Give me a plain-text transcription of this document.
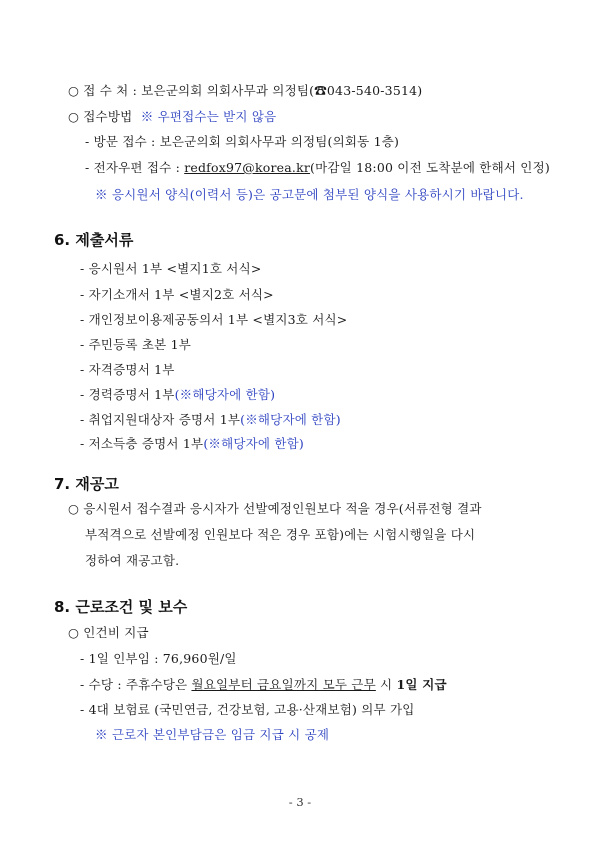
○ 접 수 처 : 보은군의회 의회사무과 의정팀(☎043-540-3514)
○ 접수방법  ※ 우편접수는 받지 않음
- 방문 접수 : 보은군의회 의회사무과 의정팀(의회동 1층)
- 전자우편 접수 : redfox97@korea.kr(마감일 18:00 이전 도착분에 한해서 인정)
※ 응시원서 양식(이력서 등)은 공고문에 첨부된 양식을 사용하시기 바랍니다.
6. 제출서류
- 응시원서 1부 <별지1호 서식>
- 자기소개서 1부 <별지2호 서식>
- 개인정보이용제공동의서 1부 <별지3호 서식>
- 주민등록 초본 1부
- 자격증명서 1부
- 경력증명서 1부(※해당자에 한함)
- 취업지원대상자 증명서 1부(※해당자에 한함)
- 저소득층 증명서 1부(※해당자에 한함)
7. 재공고
○ 응시원서 접수결과 응시자가 선발예정인원보다 적을 경우(서류전형 결과
부적격으로 선발예정 인원보다 적은 경우 포함)에는 시험시행일을 다시
정하여 재공고함.
8. 근로조건 및 보수
○ 인건비 지급
- 1일 인부임 : 76,960원/일
- 수당 : 주휴수당은 월요일부터 금요일까지 모두 근무 시 1일 지급
- 4대 보험료 (국민연금, 건강보험, 고용·산재보험) 의무 가입
※ 근로자 본인부담금은 임금 지급 시 공제
- 3 -
